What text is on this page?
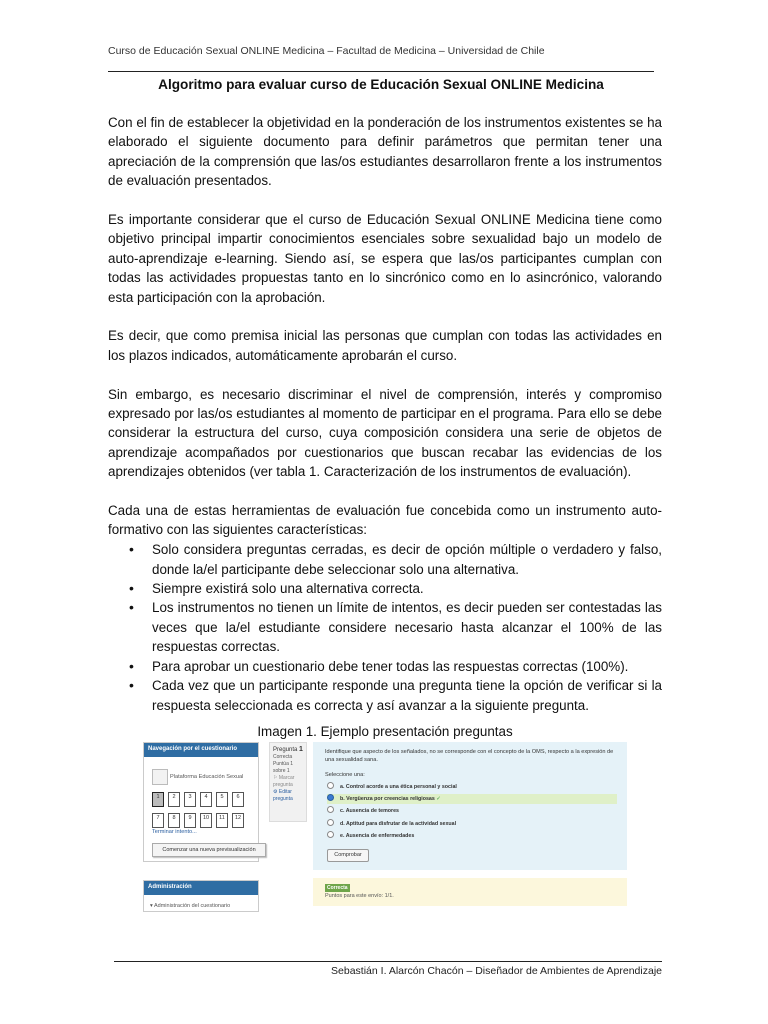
Curso de Educación Sexual ONLINE Medicina – Facultad de Medicina – Universidad de Chile
Algoritmo para evaluar curso de Educación Sexual ONLINE Medicina

Con el fin de establecer la objetividad en la ponderación de los instrumentos existentes se ha elaborado el siguiente documento para definir parámetros que permitan tener una apreciación de la comprensión que las/os estudiantes desarrollaron frente a los instrumentos de evaluación presentados.

Es importante considerar que el curso de Educación Sexual ONLINE Medicina tiene como objetivo principal impartir conocimientos esenciales sobre sexualidad bajo un modelo de auto-aprendizaje e-learning. Siendo así, se espera que las/os participantes cumplan con todas las actividades propuestas tanto en lo sincrónico como en lo asincrónico, valorando esta participación con la aprobación.

Es decir, que como premisa inicial las personas que cumplan con todas las actividades en los plazos indicados, automáticamente aprobarán el curso.

Sin embargo, es necesario discriminar el nivel de comprensión, interés y compromiso expresado por las/os estudiantes al momento de participar en el programa. Para ello se debe considerar la estructura del curso, cuya composición considera una serie de objetos de aprendizaje acompañados por cuestionarios que buscan recabar las evidencias de los aprendizajes obtenidos (ver tabla 1. Caracterización de los instrumentos de evaluación).

Cada una de estas herramientas de evaluación fue concebida como un instrumento auto-formativo con las siguientes características:

• Solo considera preguntas cerradas, es decir de opción múltiple o verdadero y falso, donde la/el participante debe seleccionar solo una alternativa.
• Siempre existirá solo una alternativa correcta.
• Los instrumentos no tienen un límite de intentos, es decir pueden ser contestadas las veces que la/el estudiante considere necesario hasta alcanzar el 100% de las respuestas correctas.
• Para aprobar un cuestionario debe tener todas las respuestas correctas (100%).
• Cada vez que un participante responde una pregunta tiene la opción de verificar si la respuesta seleccionada es correcta y así avanzar a la siguiente pregunta.
Imagen 1. Ejemplo presentación preguntas
Navegación por el cuestionario
Plataforma Educación Sexual
1	2	3	4	5	6
7	8	9	10	11	12
Terminar intento...
Comenzar una nueva previsualización
Administración
▾ Administración del cuestionario
Pregunta 1
Correcta
Puntúa 1 sobre 1
⚐ Marcar pregunta
⚙ Editar pregunta
Identifique que aspecto de los señalados, no se corresponde con el concepto de la OMS, respecto a la expresión de una sexualidad sana.
Seleccione una:
a. Control acorde a una ética personal y social
b. Vergüenza por creencias religiosas ✓
c. Ausencia de temores
d. Aptitud para disfrutar de la actividad sexual
e. Ausencia de enfermedades
Comprobar
Correcta
Puntos para este envío: 1/1.
Sebastián I. Alarcón Chacón – Diseñador de Ambientes de Aprendizaje
